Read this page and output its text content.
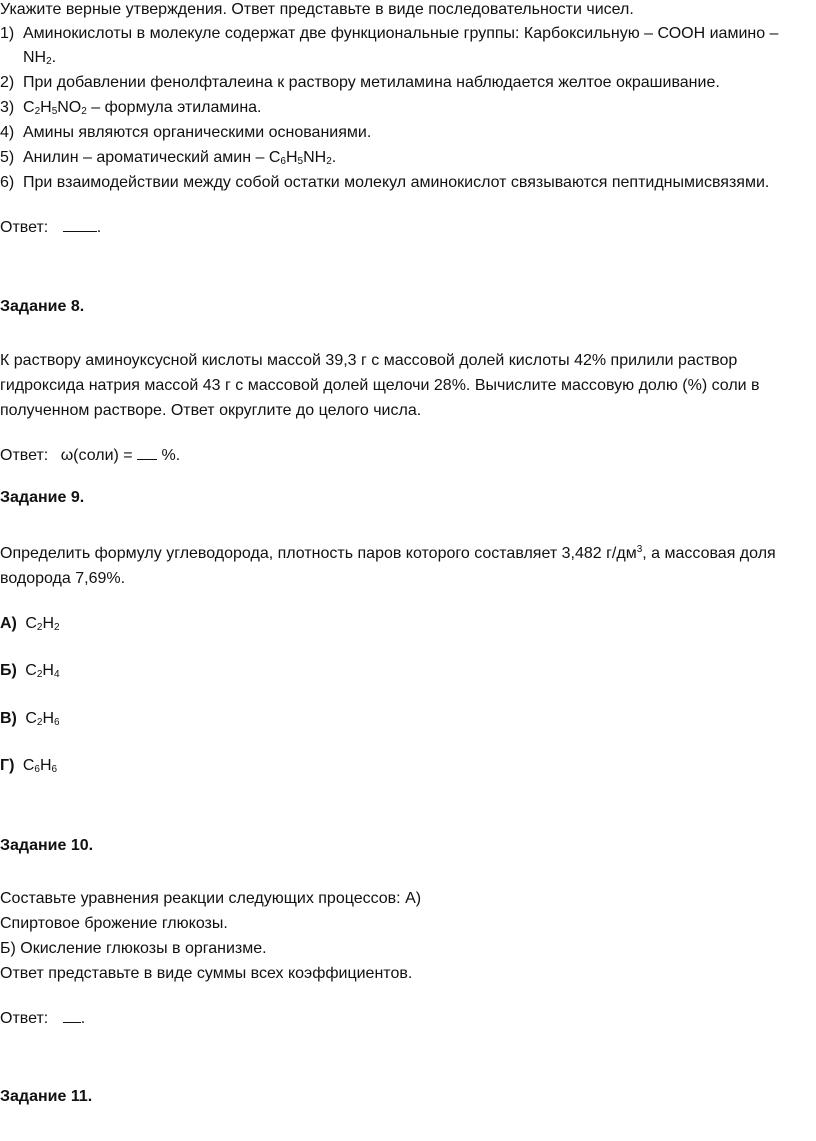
Укажите верные утверждения. Ответ представьте в виде последовательности чисел.
1) Аминокислоты в молекуле содержат две функциональные группы: Карбоксильную – СООН иамино –
$NH_2$.
2) При добавлении фенолфталеина к раствору метиламина наблюдается желтое окрашивание.
3) $C_2H_5NO_2$ – формула этиламина.
4) Амины являются органическими основаниями.
5) Анилин – ароматический амин – $C_6H_5NH_2$.
6) При взаимодействии между собой остатки молекул аминокислот связываются пептиднымисвязями.
Ответ:	.
Задание 8.
К раствору аминоуксусной кислоты массой 39,3 г с массовой долей кислоты 42% прилили раствор
гидроксида натрия массой 43 г с массовой долей щелочи 28%. Вычислите массовую долю (%) соли в
полученном растворе. Ответ округлите до целого числа.
Ответ: ω(соли) =  %.
Задание 9.
Определить формулу углеводорода, плотность паров которого составляет 3,482 $г/дм^3$, а массовая доля
водорода 7,69%.
А) $C_2H_2$
Б) $C_2H_4$
В) $C_2H_6$
Г) $C_6H_6$
Задание 10.
Составьте уравнения реакции следующих процессов: А)
Спиртовое брожение глюкозы.
Б) Окисление глюкозы в организме.
Ответ представьте в виде суммы всех коэффициентов.
Ответ: .
Задание 11.
